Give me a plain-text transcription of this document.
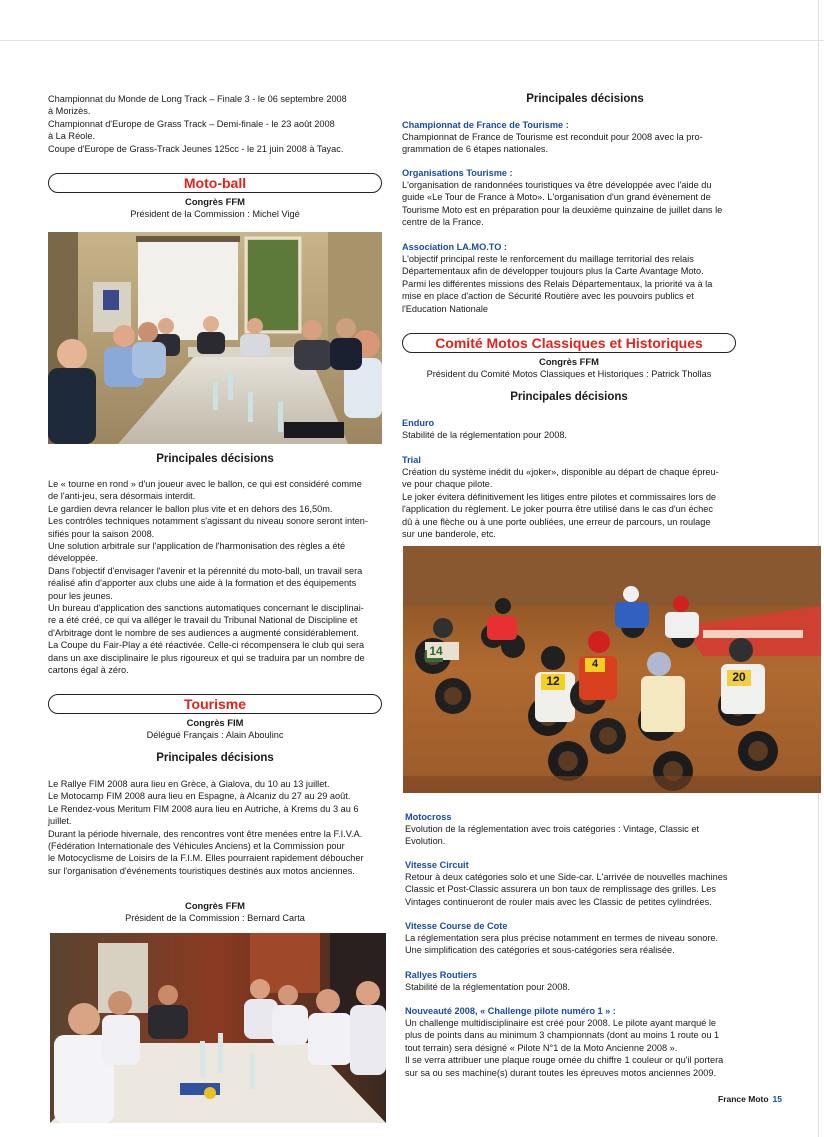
Championnat du Monde de Long Track – Finale 3 - le 06 septembre 2008
à Morizès.
Championnat d'Europe de Grass Track – Demi-finale - le 23 août 2008
à La Réole.
Coupe d'Europe de Grass-Track Jeunes 125cc - le 21 juin 2008 à Tayac.
Moto-ball
Congrès FFM
Président de la Commission : Michel Vigé
Principales décisions
Le « tourne en rond » d'un joueur avec le ballon, ce qui est considéré comme
de l'anti-jeu, sera désormais interdit.
Le gardien devra relancer le ballon plus vite et en dehors des 16,50m.
Les contrôles techniques notamment s'agissant du niveau sonore seront inten-
sifiés pour la saison 2008.
Une solution arbitrale sur l'application de l'harmonisation des règles a été
développée.
Dans l'objectif d'envisager l'avenir et la pérennité du moto-ball, un travail sera
réalisé afin d'apporter aux clubs une aide à la formation et des équipements
pour les jeunes.
Un bureau d'application des sanctions automatiques concernant le disciplinai-
re a été créé, ce qui va alléger le travail du Tribunal National de Discipline et
d'Arbitrage dont le nombre de ses audiences a augmenté considérablement.
La Coupe du Fair-Play a été réactivée. Celle-ci récompensera le club qui sera
dans un axe disciplinaire le plus rigoureux et qui se traduira par un nombre de
cartons égal à zéro.
Tourisme
Congrès FIM
Délégué Français : Alain Aboulinc
Principales décisions
Le Rallye FIM 2008 aura lieu en Grèce, à Gialova, du 10 au 13 juillet.
Le Motocamp FIM 2008 aura lieu en Espagne, à Alcaniz du 27 au 29 août.
Le Rendez-vous Meritum FIM 2008 aura lieu en Autriche, à Krems du 3 au 6
juillet.
Durant la période hivernale, des rencontres vont être menées entre la F.I.V.A.
(Fédération Internationale des Véhicules Anciens) et la Commission pour
le Motocyclisme de Loisirs de la F.I.M. Elles pourraient rapidement déboucher
sur l'organisation d'événements touristiques destinés aux motos anciennes.
Congrès FFM
Président de la Commission : Bernard Carta
Principales décisions
Championnat de France de Tourisme :
Championnat de France de Tourisme est reconduit pour 2008 avec la pro-
grammation de 6 étapes nationales.
Organisations Tourisme :
L'organisation de randonnées touristiques va être développée avec l'aide du
guide «Le Tour de France à Moto». L'organisation d'un grand évènement de
Tourisme Moto est en préparation pour la deuxième quinzaine de juillet dans le
centre de la France.
Association LA.MO.TO :
L'objectif principal reste le renforcement du maillage territorial des relais
Départementaux afin de développer toujours plus la Carte Avantage Moto.
Parmi les différentes missions des Relais Départementaux, la priorité va à la
mise en place d'action de Sécurité Routière avec les pouvoirs publics et
l'Education Nationale
Comité Motos Classiques et Historiques
Congrès FFM
Président du Comité Motos Classiques et Historiques : Patrick Thollas
Principales décisions
Enduro
Stabilité de la réglementation pour 2008.
Trial
Création du système inédit du «joker», disponible au départ de chaque épreu-
ve pour chaque pilote.
Le joker évitera définitivement les litiges entre pilotes et commissaires lors de
l'application du règlement. Le joker pourra être utilisé dans le cas d'un échec
dû à une flèche ou à une porte oubliées, une erreur de parcours, un roulage
sur une banderole, etc.
14
12
4
20
Motocross
Evolution de la réglementation avec trois catégories : Vintage, Classic et
Evolution.
Vitesse Circuit
Retour à deux catégories solo et une Side-car. L'arrivée de nouvelles machines
Classic et Post-Classic assurera un bon taux de remplissage des grilles. Les
Vintages continueront de rouler mais avec les Classic de petites cylindrées.
Vitesse Course de Cote
La réglementation sera plus précise notamment en termes de niveau sonore.
Une simplification des catégories et sous-catégories sera réalisée.
Rallyes Routiers
Stabilité de la réglementation pour 2008.
Nouveauté 2008, « Challenge pilote numéro 1 » :
Un challenge multidisciplinaire est créé pour 2008. Le pilote ayant marqué le
plus de points dans au minimum 3 championnats (dont au moins 1 route ou 1
tout terrain) sera désigné « Pilote N°1 de la Moto Ancienne 2008 ».
Il se verra attribuer une plaque rouge ornée du chiffre 1 couleur or qu'il portera
sur sa ou ses machine(s) durant toutes les épreuves motos anciennes 2009.
France Moto 15
